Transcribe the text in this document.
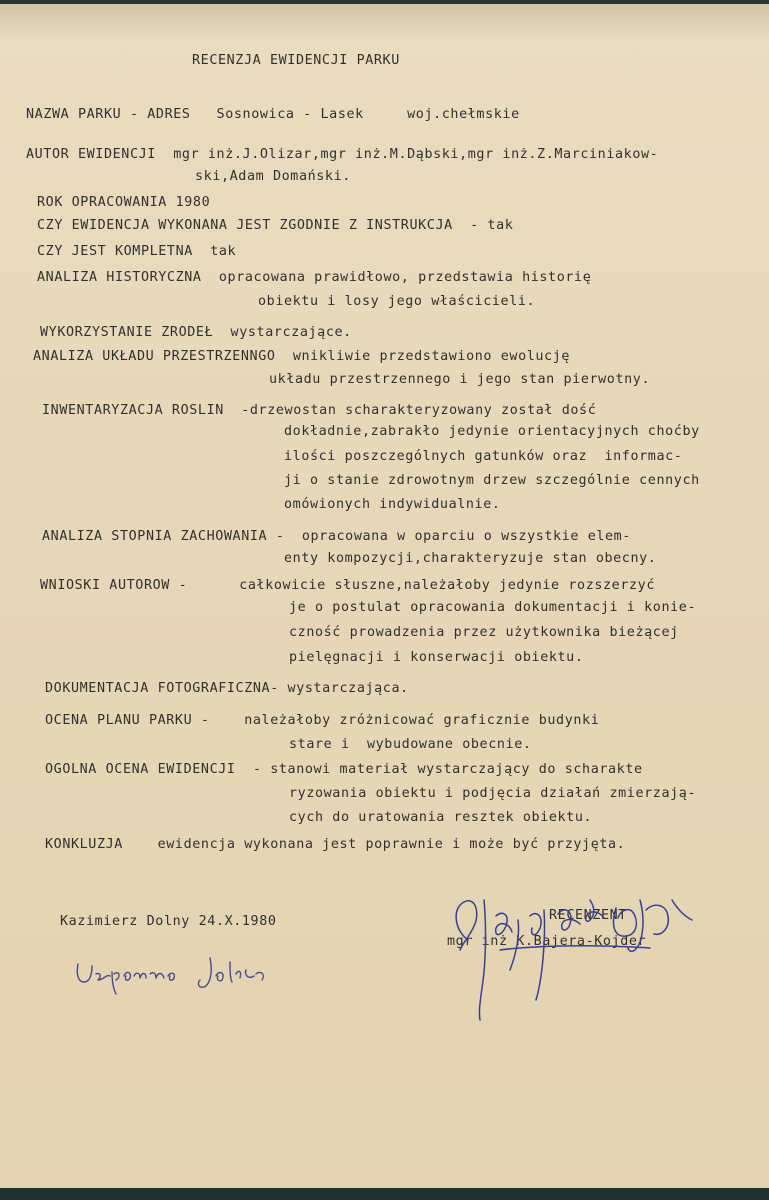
RECENZJA EWIDENCJI PARKU
NAZWA PARKU - ADRES   Sosnowica - Lasek     woj.chełmskie
AUTOR EWIDENCJI  mgr inż.J.Olizar,mgr inż.M.Dąbski,mgr inż.Z.Marciniakow-
ski,Adam Domański.
ROK OPRACOWANIA 1980
CZY EWIDENCJA WYKONANA JEST ZGODNIE Z INSTRUKCJA  - tak
CZY JEST KOMPLETNA  tak
ANALIZA HISTORYCZNA  opracowana prawidłowo, przedstawia historię
obiektu i losy jego właścicieli.
WYKORZYSTANIE ZRODEŁ  wystarczające.
ANALIZA UKŁADU PRZESTRZENNGO  wnikliwie przedstawiono ewolucję
układu przestrzennego i jego stan pierwotny.
INWENTARYZACJA ROSLIN  -drzewostan scharakteryzowany został dość
dokładnie,zabrakło jedynie orientacyjnych choćby
ilości poszczególnych gatunków oraz  informac-
ji o stanie zdrowotnym drzew szczególnie cennych
omówionych indywidualnie.
ANALIZA STOPNIA ZACHOWANIA -  opracowana w oparciu o wszystkie elem-
enty kompozycji,charakteryzuje stan obecny.
WNIOSKI AUTOROW -      całkowicie słuszne,należałoby jedynie rozszerzyć
je o postulat opracowania dokumentacji i konie-
czność prowadzenia przez użytkownika bieżącej
pielęgnacji i konserwacji obiektu.
DOKUMENTACJA FOTOGRAFICZNA- wystarczająca.
OCENA PLANU PARKU -    należałoby zróżnicować graficznie budynki
stare i  wybudowane obecnie.
OGOLNA OCENA EWIDENCJI  - stanowi materiał wystarczający do scharakte
ryzowania obiektu i podjęcia działań zmierzają-
cych do uratowania resztek obiektu.
KONKLUZJA    ewidencja wykonana jest poprawnie i może być przyjęta.
Kazimierz Dolny 24.X.1980	RECENZENT
mgr inż K.Bajera-Kojder
